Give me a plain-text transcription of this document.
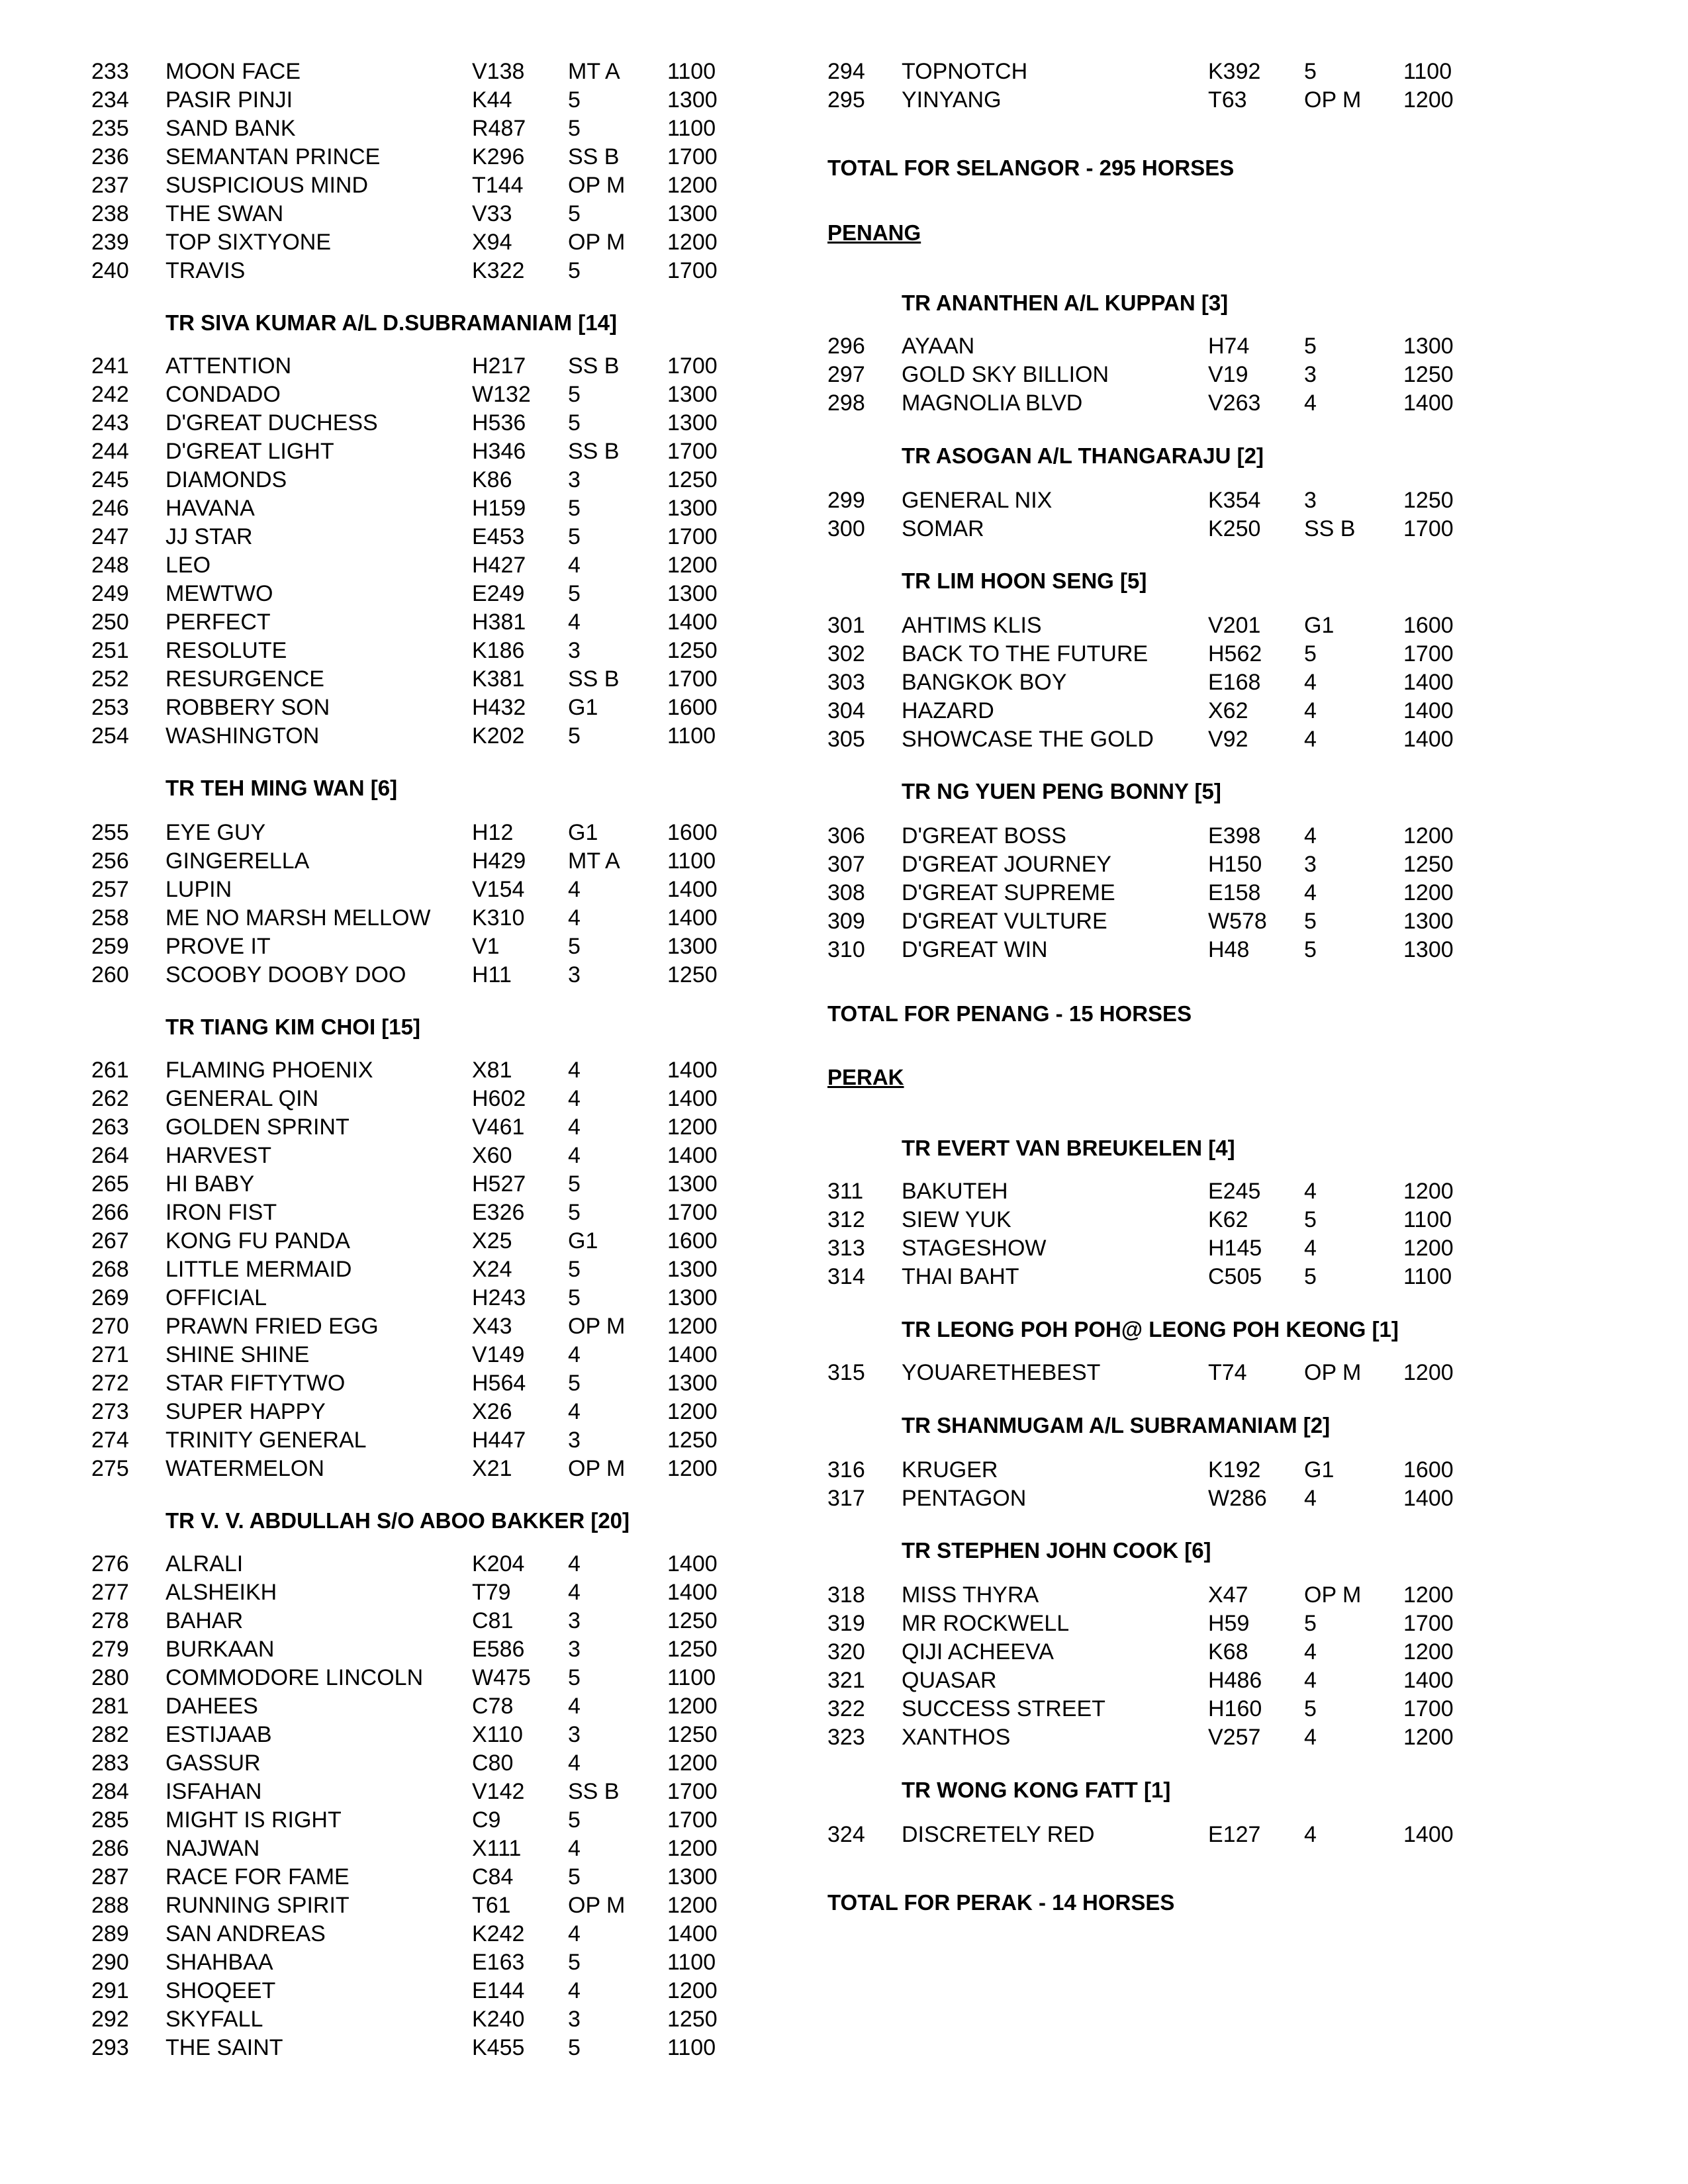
233 MOON FACE	V138 MT A 1100
234 PASIR PINJI	K44 5	1300
235 SAND BANK	R487 5	1100
236 SEMANTAN PRINCE	K296 SS B 1700
237 SUSPICIOUS MIND	T144 OP M 1200
238 THE SWAN	V33 5	1300
239 TOP SIXTYONE	X94 OP M 1200
240 TRAVIS	K322 5	1700
TR SIVA KUMAR A/L D.SUBRAMANIAM [14]
241 ATTENTION	H217 SS B 1700
242 CONDADO	W132 5	1300
243 D'GREAT DUCHESS	H536 5	1300
244 D'GREAT LIGHT	H346 SS B 1700
245 DIAMONDS	K86 3	1250
246 HAVANA	H159 5	1300
247 JJ STAR	E453 5	1700
248 LEO	H427 4	1200
249 MEWTWO	E249 5	1300
250 PERFECT	H381 4	1400
251 RESOLUTE	K186 3	1250
252 RESURGENCE	K381 SS B 1700
253 ROBBERY SON	H432 G1	1600
254 WASHINGTON	K202 5	1100
TR TEH MING WAN [6]
255 EYE GUY	H12 G1	1600
256 GINGERELLA	H429 MT A 1100
257 LUPIN	V154 4	1400
258 ME NO MARSH MELLOW K310 4	1400
259 PROVE IT	V1	5	1300
260 SCOOBY DOOBY DOO	H11	3	1250
TR TIANG KIM CHOI [15]
261 FLAMING PHOENIX	X81 4	1400
262 GENERAL QIN	H602 4	1400
263 GOLDEN SPRINT	V461 4	1200
264 HARVEST	X60 4	1400
265 HI BABY	H527 5	1300
266 IRON FIST	E326 5	1700
267 KONG FU PANDA	X25 G1	1600
268 LITTLE MERMAID	X24 5	1300
269 OFFICIAL	H243 5	1300
270 PRAWN FRIED EGG	X43 OP M 1200
271 SHINE SHINE	V149 4	1400
272 STAR FIFTYTWO	H564 5	1300
273 SUPER HAPPY	X26 4	1200
274 TRINITY GENERAL	H447 3	1250
275 WATERMELON	X21 OP M 1200
TR V. V. ABDULLAH S/O ABOO BAKKER [20]
276 ALRALI	K204 4	1400
277 ALSHEIKH	T79	4	1400
278 BAHAR	C81 3	1250
279 BURKAAN	E586 3	1250
280 COMMODORE LINCOLN W475 5	1100
281 DAHEES	C78 4	1200
282 ESTIJAAB	X110 3	1250
283 GASSUR	C80 4	1200
284 ISFAHAN	V142 SS B 1700
285 MIGHT IS RIGHT	C9	5	1700
286 NAJWAN	X111 4	1200
287 RACE FOR FAME	C84 5	1300
288 RUNNING SPIRIT	T61	OP M 1200
289 SAN ANDREAS	K242 4	1400
290 SHAHBAA	E163 5	1100
291 SHOQEET	E144 4	1200
292 SKYFALL	K240 3	1250
293 THE SAINT	K455 5	1100
294 TOPNOTCH	K392 5	1100
295 YINYANG	T63	OP M 1200
TOTAL FOR SELANGOR - 295 HORSES
PENANG
TR ANANTHEN A/L KUPPAN [3]
296 AYAAN	H74 5	1300
297 GOLD SKY BILLION	V19 3	1250
298 MAGNOLIA BLVD	V263 4	1400
TR ASOGAN A/L THANGARAJU [2]
299 GENERAL NIX	K354 3	1250
300 SOMAR	K250 SS B 1700
TR LIM HOON SENG [5]
301 AHTIMS KLIS	V201 G1	1600
302 BACK TO THE FUTURE	H562 5	1700
303 BANGKOK BOY	E168 4	1400
304 HAZARD	X62 4	1400
305 SHOWCASE THE GOLD V92 4	1400
TR NG YUEN PENG BONNY [5]
306 D'GREAT BOSS	E398 4	1200
307 D'GREAT JOURNEY	H150 3	1250
308 D'GREAT SUPREME	E158 4	1200
309 D'GREAT VULTURE	W578 5	1300
310 D'GREAT WIN	H48 5	1300
TOTAL FOR PENANG - 15 HORSES
PERAK
TR EVERT VAN BREUKELEN [4]
311 BAKUTEH	E245 4	1200
312 SIEW YUK	K62 5	1100
313 STAGESHOW	H145 4	1200
314 THAI BAHT	C505 5	1100
TR LEONG POH POH@ LEONG POH KEONG [1]
315 YOUARETHEBEST	T74	OP M 1200
TR SHANMUGAM A/L SUBRAMANIAM [2]
316 KRUGER	K192 G1	1600
317 PENTAGON	W286 4	1400
TR STEPHEN JOHN COOK [6]
318 MISS THYRA	X47 OP M 1200
319 MR ROCKWELL	H59 5	1700
320 QIJI ACHEEVA	K68 4	1200
321 QUASAR	H486 4	1400
322 SUCCESS STREET	H160 5	1700
323 XANTHOS	V257 4	1200
TR WONG KONG FATT [1]
324 DISCRETELY RED	E127 4	1400
TOTAL FOR PERAK - 14 HORSES
